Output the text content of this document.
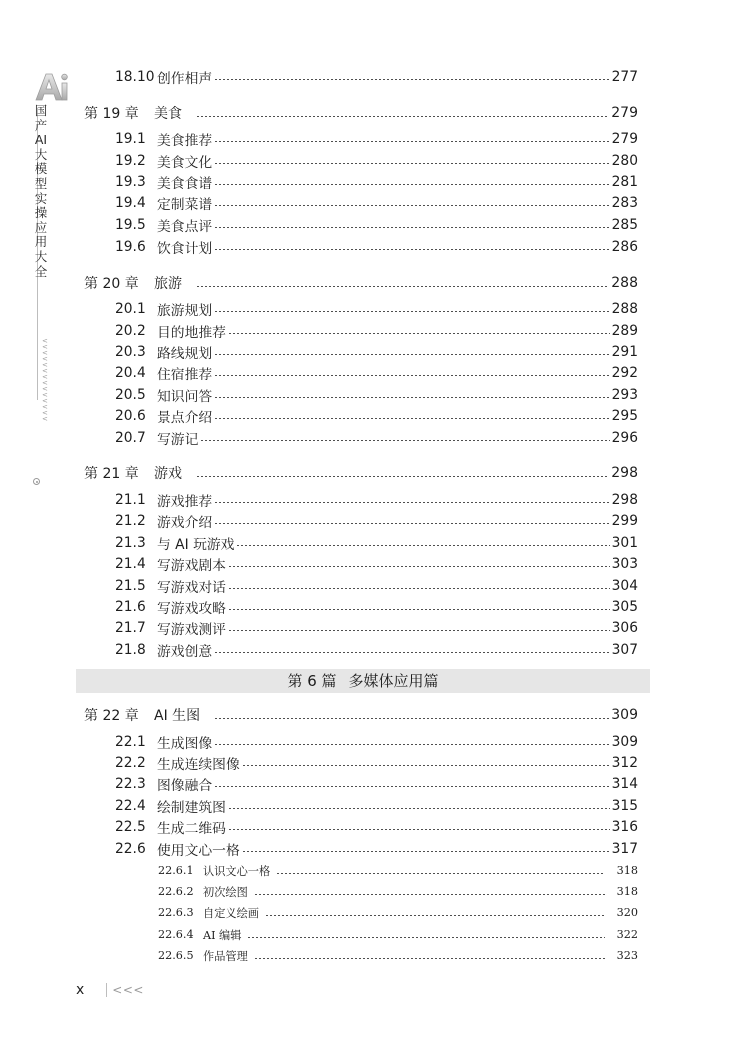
国产AI大模型实操应用大全
<<<<<<<<<<<<<<
18.10 创作相声	277
第 19 章	美食	279
19.1 美食推荐	279
19.2 美食文化	280
19.3 美食食谱	281
19.4 定制菜谱	283
19.5 美食点评	285
19.6 饮食计划	286
第 20 章	旅游	288
20.1 旅游规划	288
20.2 目的地推荐	289
20.3 路线规划	291
20.4 住宿推荐	292
20.5 知识问答	293
20.6 景点介绍	295
20.7 写游记	296
第 21 章	游戏	298
21.1 游戏推荐	298
21.2 游戏介绍	299
21.3 与 AI 玩游戏	301
21.4 写游戏剧本	303
21.5 写游戏对话	304
21.6 写游戏攻略	305
21.7 写游戏测评	306
21.8 游戏创意	307
第 6 篇 多媒体应用篇
第 22 章	AI 生图	309
22.1 生成图像	309
22.2 生成连续图像	312
22.3 图像融合	314
22.4 绘制建筑图	315
22.5 生成二维码	316
22.6 使用文心一格	317
22.6.1 认识文心一格	318
22.6.2 初次绘图	318
22.6.3 自定义绘画	320
22.6.4 AI 编辑	322
22.6.5 作品管理	323
x <<<
